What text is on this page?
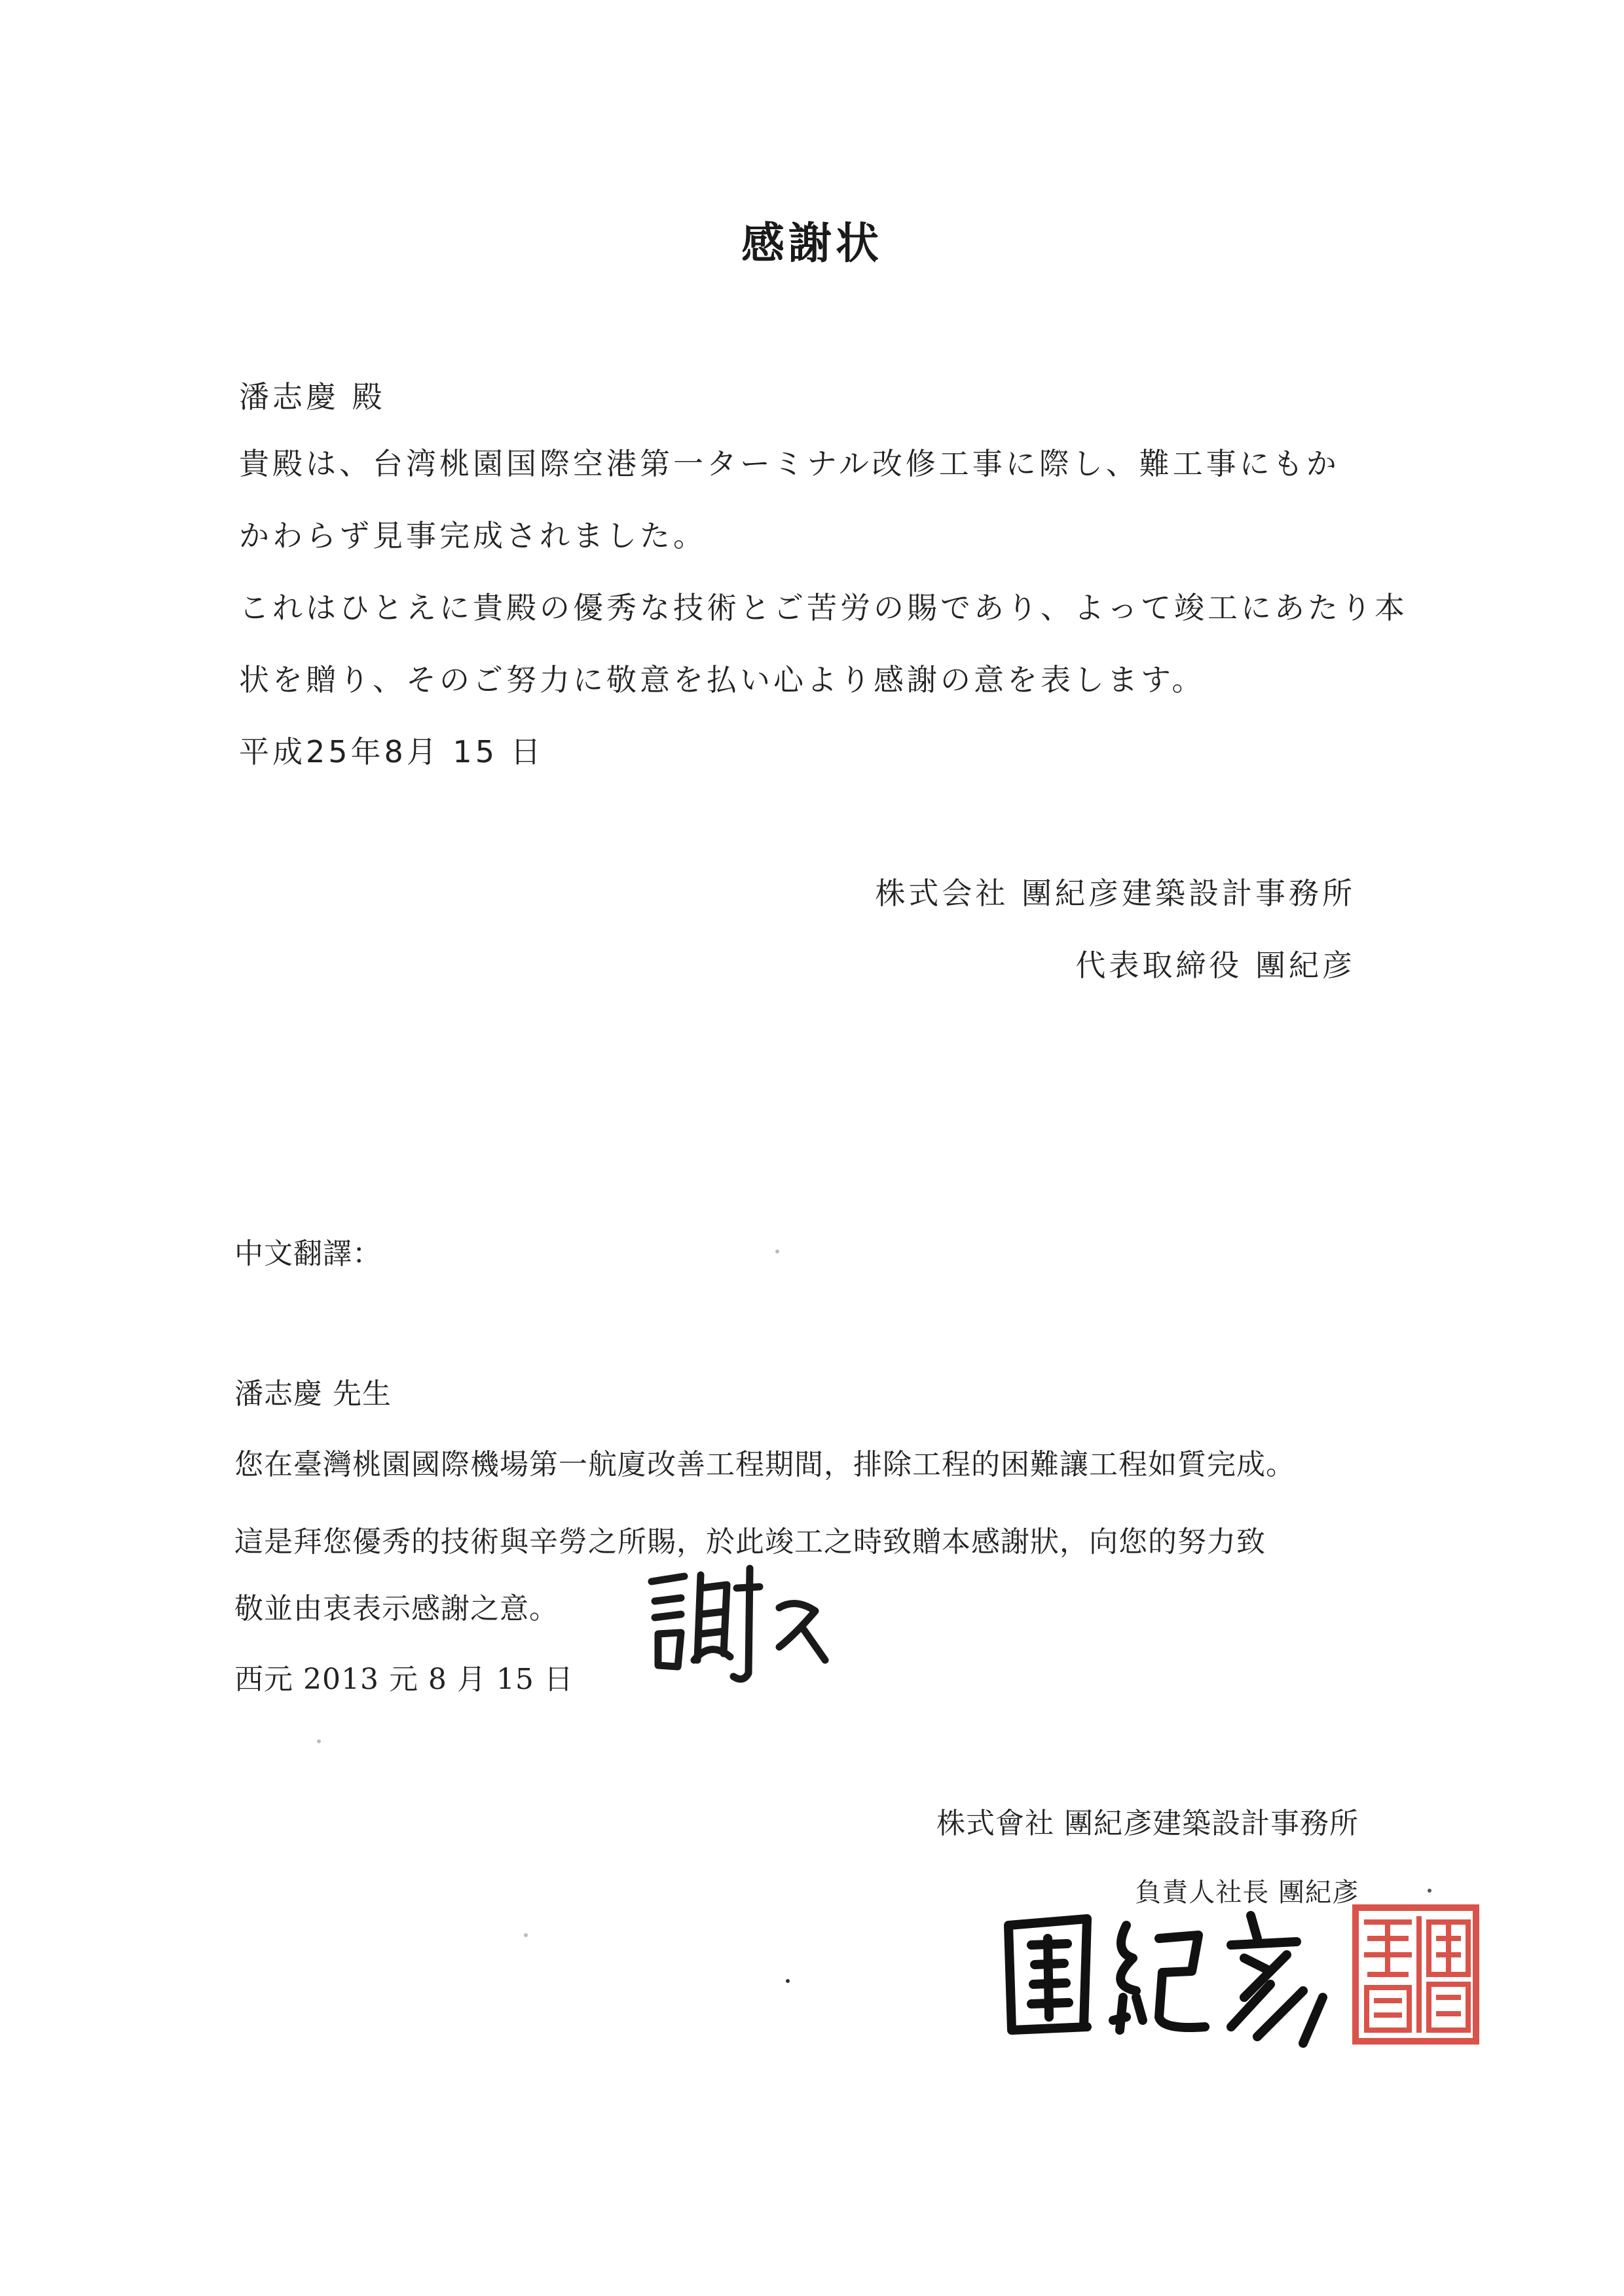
感謝状
潘志慶 殿
貴殿は、台湾桃園国際空港第一ターミナル改修工事に際し、難工事にもか
かわらず見事完成されました。
これはひとえに貴殿の優秀な技術とご苦労の賜であり、よって竣工にあたり本
状を贈り、そのご努力に敬意を払い心より感謝の意を表します。
平成25年8月 15 日
株式会社 團紀彦建築設計事務所
代表取締役 團紀彦
中文翻譯：
潘志慶 先生
您在臺灣桃園國際機場第一航廈改善工程期間，排除工程的困難讓工程如質完成。
這是拜您優秀的技術與辛勞之所賜，於此竣工之時致贈本感謝狀，向您的努力致
敬並由衷表示感謝之意。
西元 2013 元 8 月 15 日
株式會社 團紀彥建築設計事務所
負責人社長 團紀彥
